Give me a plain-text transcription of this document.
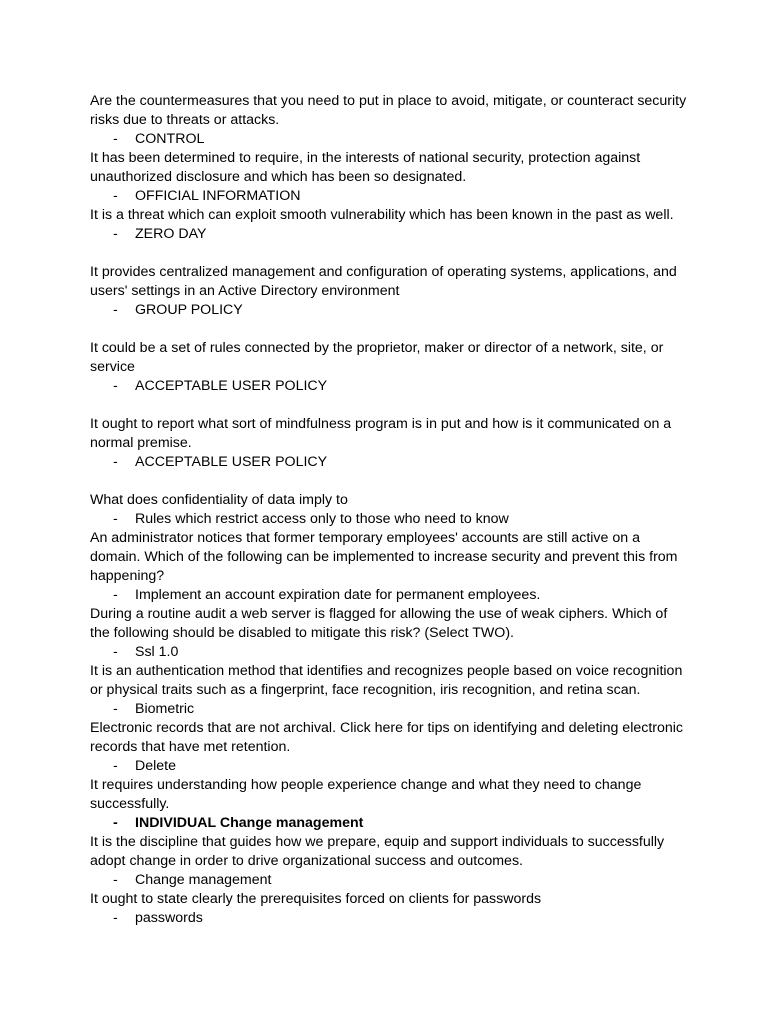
Are the countermeasures that you need to put in place to avoid, mitigate, or counteract security risks due to threats or attacks.

- CONTROL

It has been determined to require, in the interests of national security, protection against unauthorized disclosure and which has been so designated.

- OFFICIAL INFORMATION

It is a threat which can exploit smooth vulnerability which has been known in the past as well.

- ZERO DAY

It provides centralized management and configuration of operating systems, applications, and users' settings in an Active Directory environment

- GROUP POLICY

It could be a set of rules connected by the proprietor, maker or director of a network, site, or service

- ACCEPTABLE USER POLICY

It ought to report what sort of mindfulness program is in put and how is it communicated on a normal premise.

- ACCEPTABLE USER POLICY

What does confidentiality of data imply to

- Rules which restrict access only to those who need to know

An administrator notices that former temporary employees' accounts are still active on a domain. Which of the following can be implemented to increase security and prevent this from happening?

- Implement an account expiration date for permanent employees.

During a routine audit a web server is flagged for allowing the use of weak ciphers. Which of the following should be disabled to mitigate this risk? (Select TWO).

- Ssl 1.0

It is an authentication method that identifies and recognizes people based on voice recognition or physical traits such as a fingerprint, face recognition, iris recognition, and retina scan.

- Biometric

Electronic records that are not archival. Click here for tips on identifying and deleting electronic records that have met retention.

- Delete

It requires understanding how people experience change and what they need to change successfully.

- INDIVIDUAL Change management

It is the discipline that guides how we prepare, equip and support individuals to successfully adopt change in order to drive organizational success and outcomes.

- Change management

It ought to state clearly the prerequisites forced on clients for passwords

- passwords
